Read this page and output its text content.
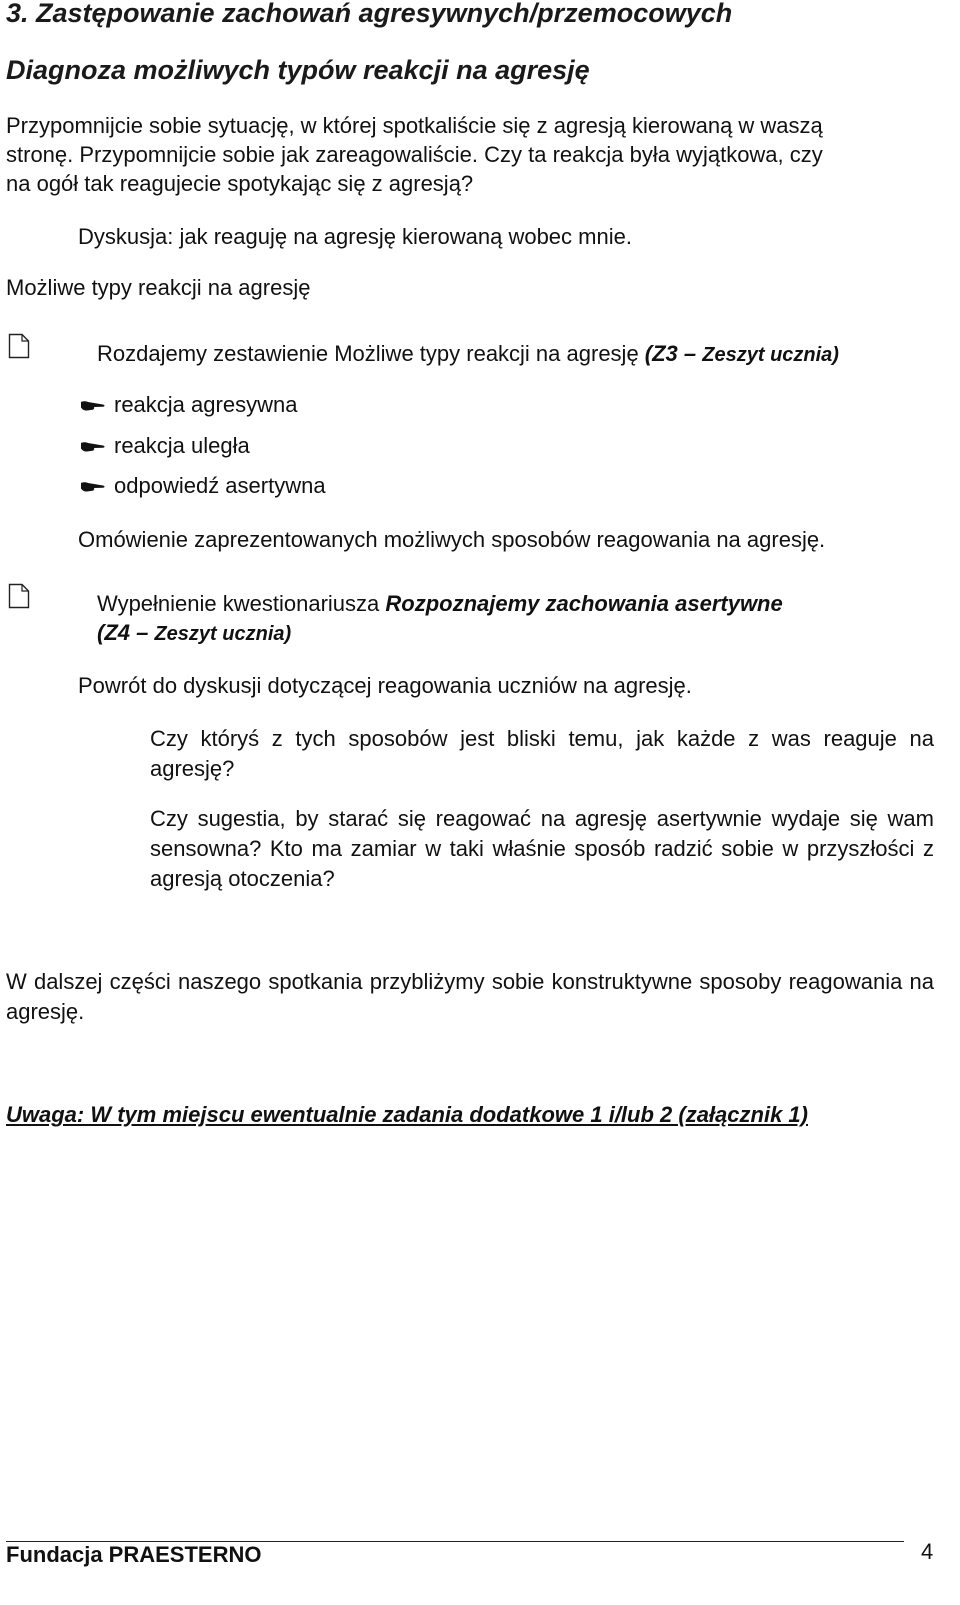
3. Zastępowanie zachowań agresywnych/przemocowych
Diagnoza możliwych typów reakcji na agresję
Przypomnijcie sobie sytuację, w której spotkaliście się z agresją kierowaną w waszą
stronę. Przypomnijcie sobie jak zareagowaliście. Czy ta reakcja była wyjątkowa, czy
na ogół tak reagujecie spotykając się z agresją?
Dyskusja: jak reaguję na agresję kierowaną wobec mnie.
Możliwe typy reakcji na agresję
Rozdajemy zestawienie Możliwe typy reakcji na agresję (Z3 – Zeszyt ucznia)
reakcja agresywna
reakcja uległa
odpowiedź asertywna
Omówienie zaprezentowanych możliwych sposobów reagowania na agresję.
Wypełnienie kwestionariusza Rozpoznajemy zachowania asertywne
(Z4 – Zeszyt ucznia)
Powrót do dyskusji dotyczącej reagowania uczniów na agresję.
Czy któryś z tych sposobów jest bliski temu, jak każde z was reaguje na agresję?
Czy sugestia, by starać się reagować na agresję asertywnie wydaje się wam sensowna? Kto ma zamiar w taki właśnie sposób radzić sobie w przyszłości z agresją otoczenia?
W dalszej części naszego spotkania przybliżymy sobie konstruktywne sposoby reagowania na agresję.
Uwaga: W tym miejscu ewentualnie zadania dodatkowe 1 i/lub 2 (załącznik 1)
Fundacja PRAESTERNO	4
